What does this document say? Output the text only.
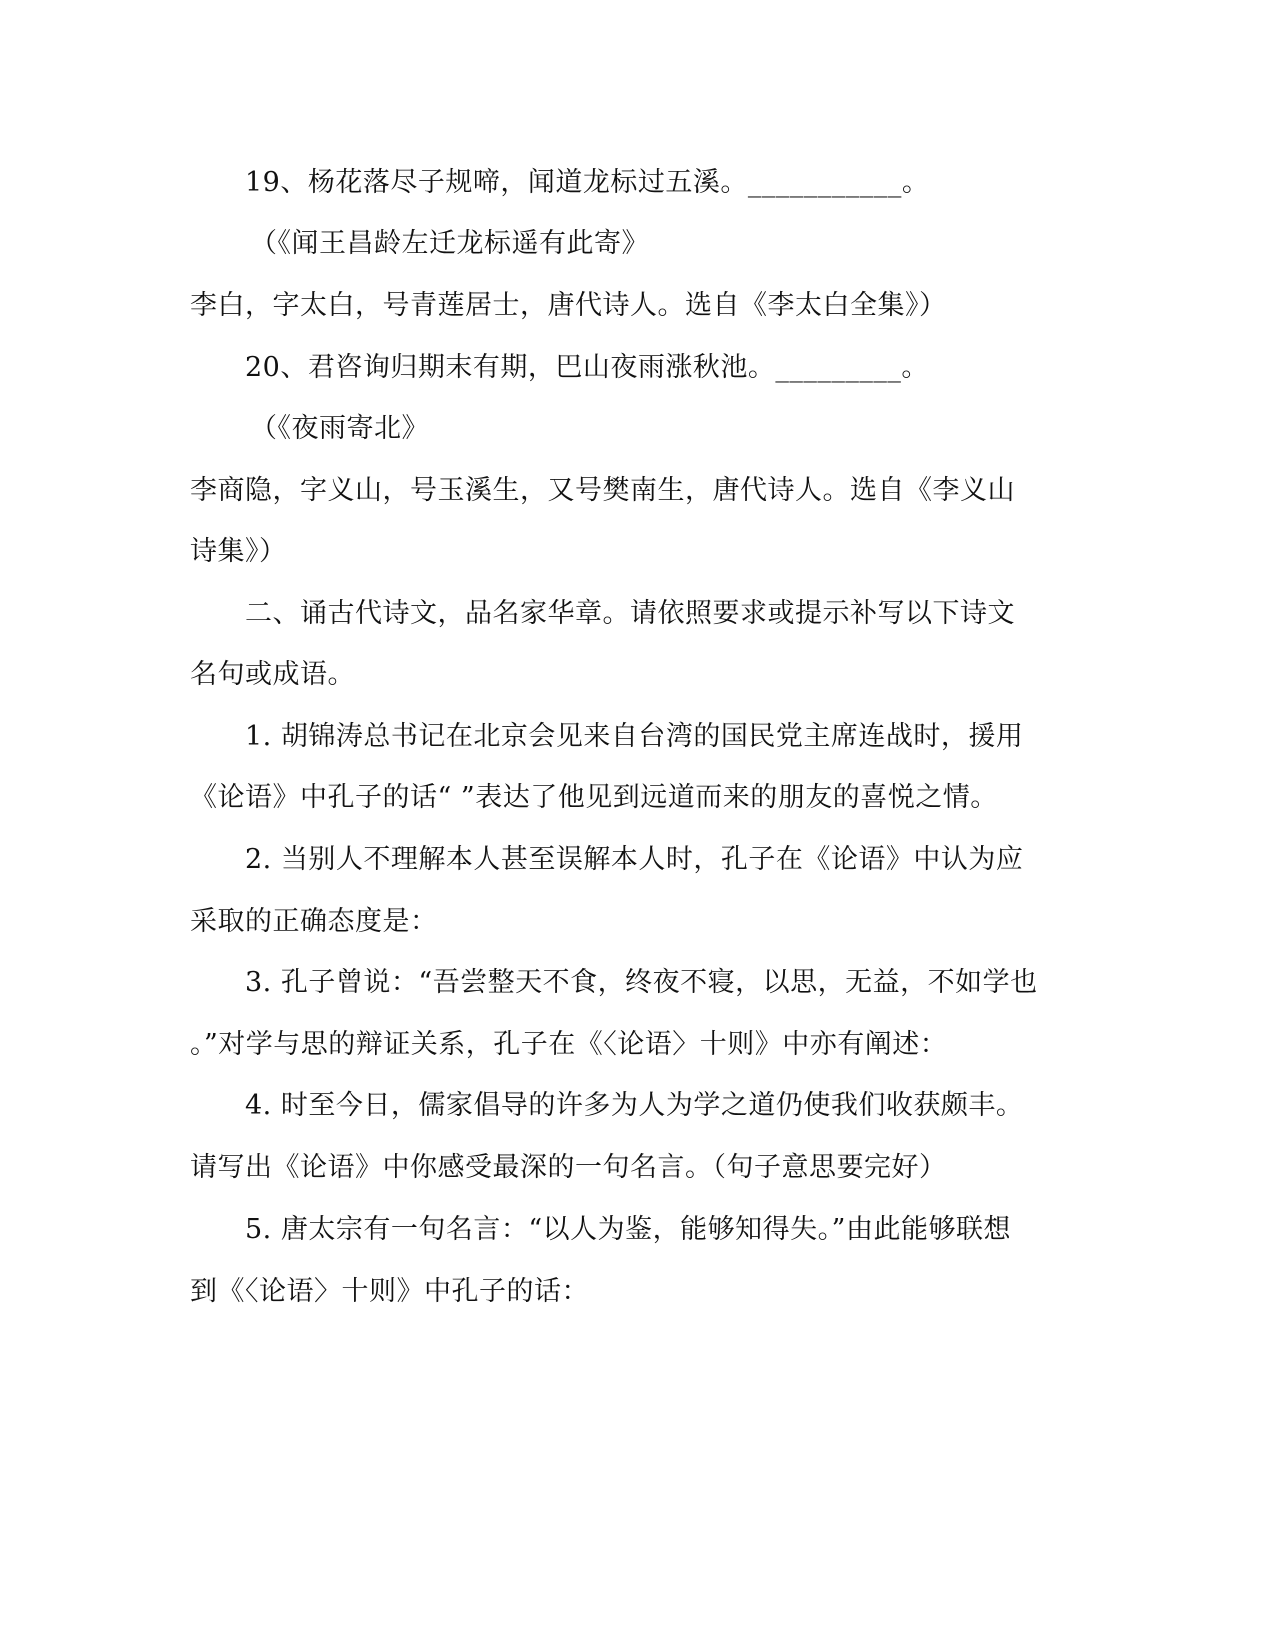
19、杨花落尽子规啼，闻道龙标过五溪。___________。
（《闻王昌龄左迁龙标遥有此寄》
李白，字太白，号青莲居士，唐代诗人。选自《李太白全集》）
20、君咨询归期末有期，巴山夜雨涨秋池。_________。
（《夜雨寄北》
李商隐，字义山，号玉溪生，又号樊南生，唐代诗人。选自《李义山
诗集》）
二、诵古代诗文，品名家华章。请依照要求或提示补写以下诗文
名句或成语。
1. 胡锦涛总书记在北京会见来自台湾的国民党主席连战时，援用
《论语》中孔子的话“ ”表达了他见到远道而来的朋友的喜悦之情。
2. 当别人不理解本人甚至误解本人时，孔子在《论语》中认为应
采取的正确态度是：
3. 孔子曾说：“吾尝整天不食，终夜不寝，以思，无益，不如学也
。”对学与思的辩证关系，孔子在《〈论语〉十则》中亦有阐述：
4. 时至今日，儒家倡导的许多为人为学之道仍使我们收获颇丰。
请写出《论语》中你感受最深的一句名言。（句子意思要完好）
5. 唐太宗有一句名言：“以人为鉴，能够知得失。”由此能够联想
到《〈论语〉十则》中孔子的话：
